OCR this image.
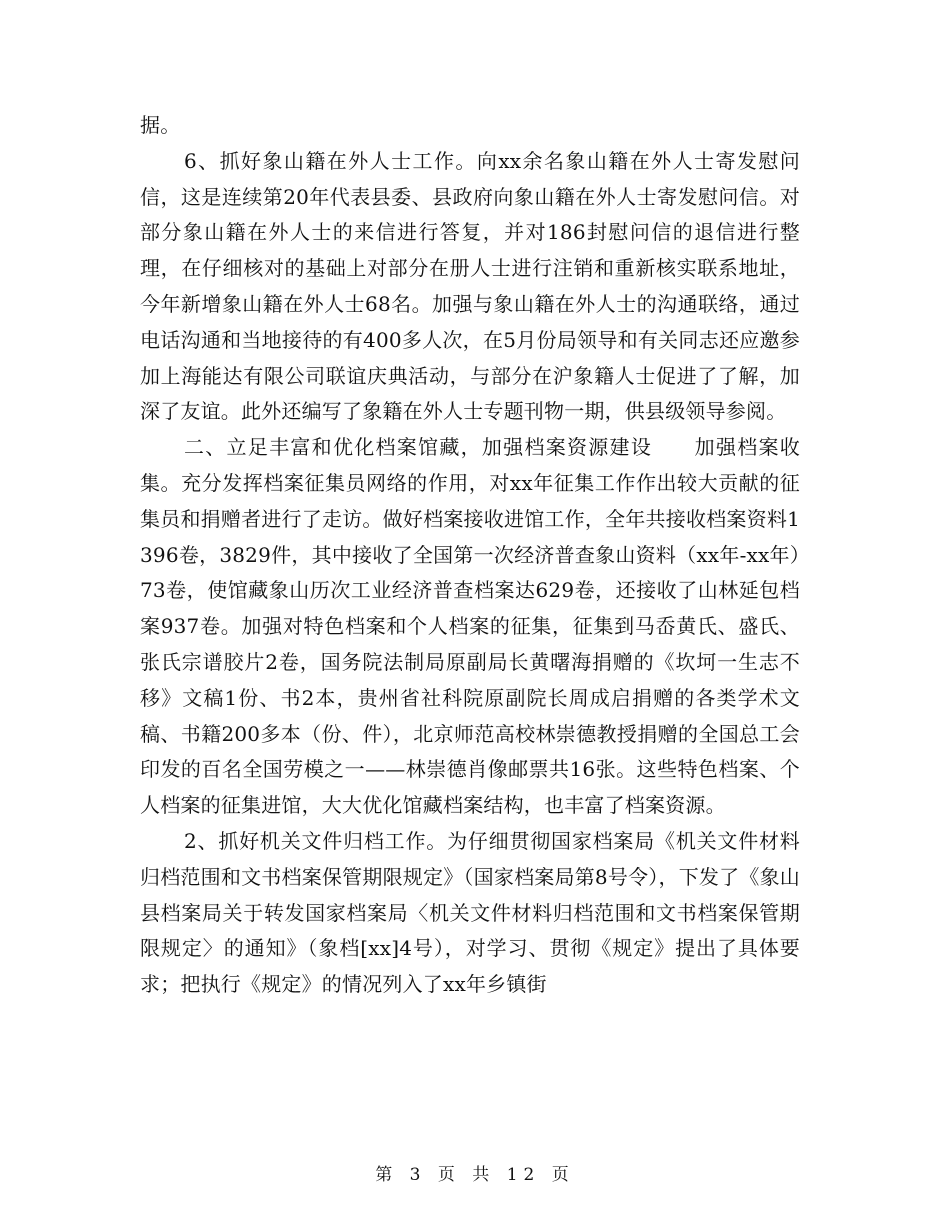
据。

6、抓好象山籍在外人士工作。向xx余名象山籍在外人士寄发慰问信，这是连续第20年代表县委、县政府向象山籍在外人士寄发慰问信。对部分象山籍在外人士的来信进行答复，并对186封慰问信的退信进行整理，在仔细核对的基础上对部分在册人士进行注销和重新核实联系地址，今年新增象山籍在外人士68名。加强与象山籍在外人士的沟通联络，通过电话沟通和当地接待的有400多人次，在5月份局领导和有关同志还应邀参加上海能达有限公司联谊庆典活动，与部分在沪象籍人士促进了了解，加深了友谊。此外还编写了象籍在外人士专题刊物一期，供县级领导参阅。

二、立足丰富和优化档案馆藏，加强档案资源建设　　加强档案收集。充分发挥档案征集员网络的作用，对xx年征集工作作出较大贡献的征集员和捐赠者进行了走访。做好档案接收进馆工作，全年共接收档案资料1396卷，3829件，其中接收了全国第一次经济普查象山资料（xx年-xx年）73卷，使馆藏象山历次工业经济普查档案达629卷，还接收了山林延包档案937卷。加强对特色档案和个人档案的征集，征集到马岙黄氏、盛氏、张氏宗谱胶片2卷，国务院法制局原副局长黄曙海捐赠的《坎坷一生志不移》文稿1份、书2本，贵州省社科院原副院长周成启捐赠的各类学术文稿、书籍200多本（份、件），北京师范高校林崇德教授捐赠的全国总工会印发的百名全国劳模之一——林崇德肖像邮票共16张。这些特色档案、个人档案的征集进馆，大大优化馆藏档案结构，也丰富了档案资源。

2、抓好机关文件归档工作。为仔细贯彻国家档案局《机关文件材料归档范围和文书档案保管期限规定》（国家档案局第8号令），下发了《象山县档案局关于转发国家档案局〈机关文件材料归档范围和文书档案保管期限规定〉的通知》（象档[xx]4号），对学习、贯彻《规定》提出了具体要求；把执行《规定》的情况列入了xx年乡镇街

第 3 页 共 12 页
